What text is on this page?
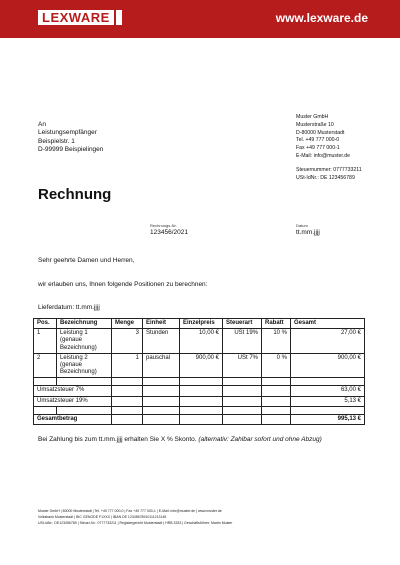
LEXWARE	www.lexware.de
An
Leistungsempfänger
Beispielstr. 1
D-99999 Beispielingen
Muster GmbH
Musterstraße 10
D-80000 Musterstadt
Tel. +49 777 000-0
Fax +49 777 000-1
E-Mail: info@muster.de
Steuernummer: 0777733211
USt-IdNr.: DE 123456789
Rechnung
Rechnungs-Nr.
123456/2021
Datum
tt.mm.jjjj
Sehr geehrte Damen und Herren,
wir erlauben uns, Ihnen folgende Positionen zu berechnen:
Lieferdatum: tt.mm.jjjj
Pos.	Bezeichnung	Menge	Einheit	Einzelpreis	Steuerart	Rabatt	Gesamt
1	Leistung 1 (genaue Bezeichnung)	3	Stunden	10,00 €	USt 19%	10 %	27,00 €
2	Leistung 2 (genaue Bezeichnung)	1	pauschal	900,00 €	USt 7%	0 %	900,00 €

Umsatzsteuer 7%							63,00 €
Umsatzsteuer 19%							5,13 €

Gesamtbetrag							995,13 €
Bei Zahlung bis zum tt.mm.jjjj erhalten Sie X % Skonto. (alternativ: Zahlbar sofort und ohne Abzug)
Muster GmbH | 80000 Musterstadt | Tel. +49 777 000-0 | Fax +49 777 000-1 | E-Mail: info@muster.de | www.muster.de
Volksbank Musterstadt | BIC GENODE F1XXX | IBAN DE 12345678910111213145
USt-IdNr.: DE123456789 | Steuer-Nr.: 0777733211 | Registergericht Musterstadt | HRB 3333 | Geschäftsführer: Martin Muster
